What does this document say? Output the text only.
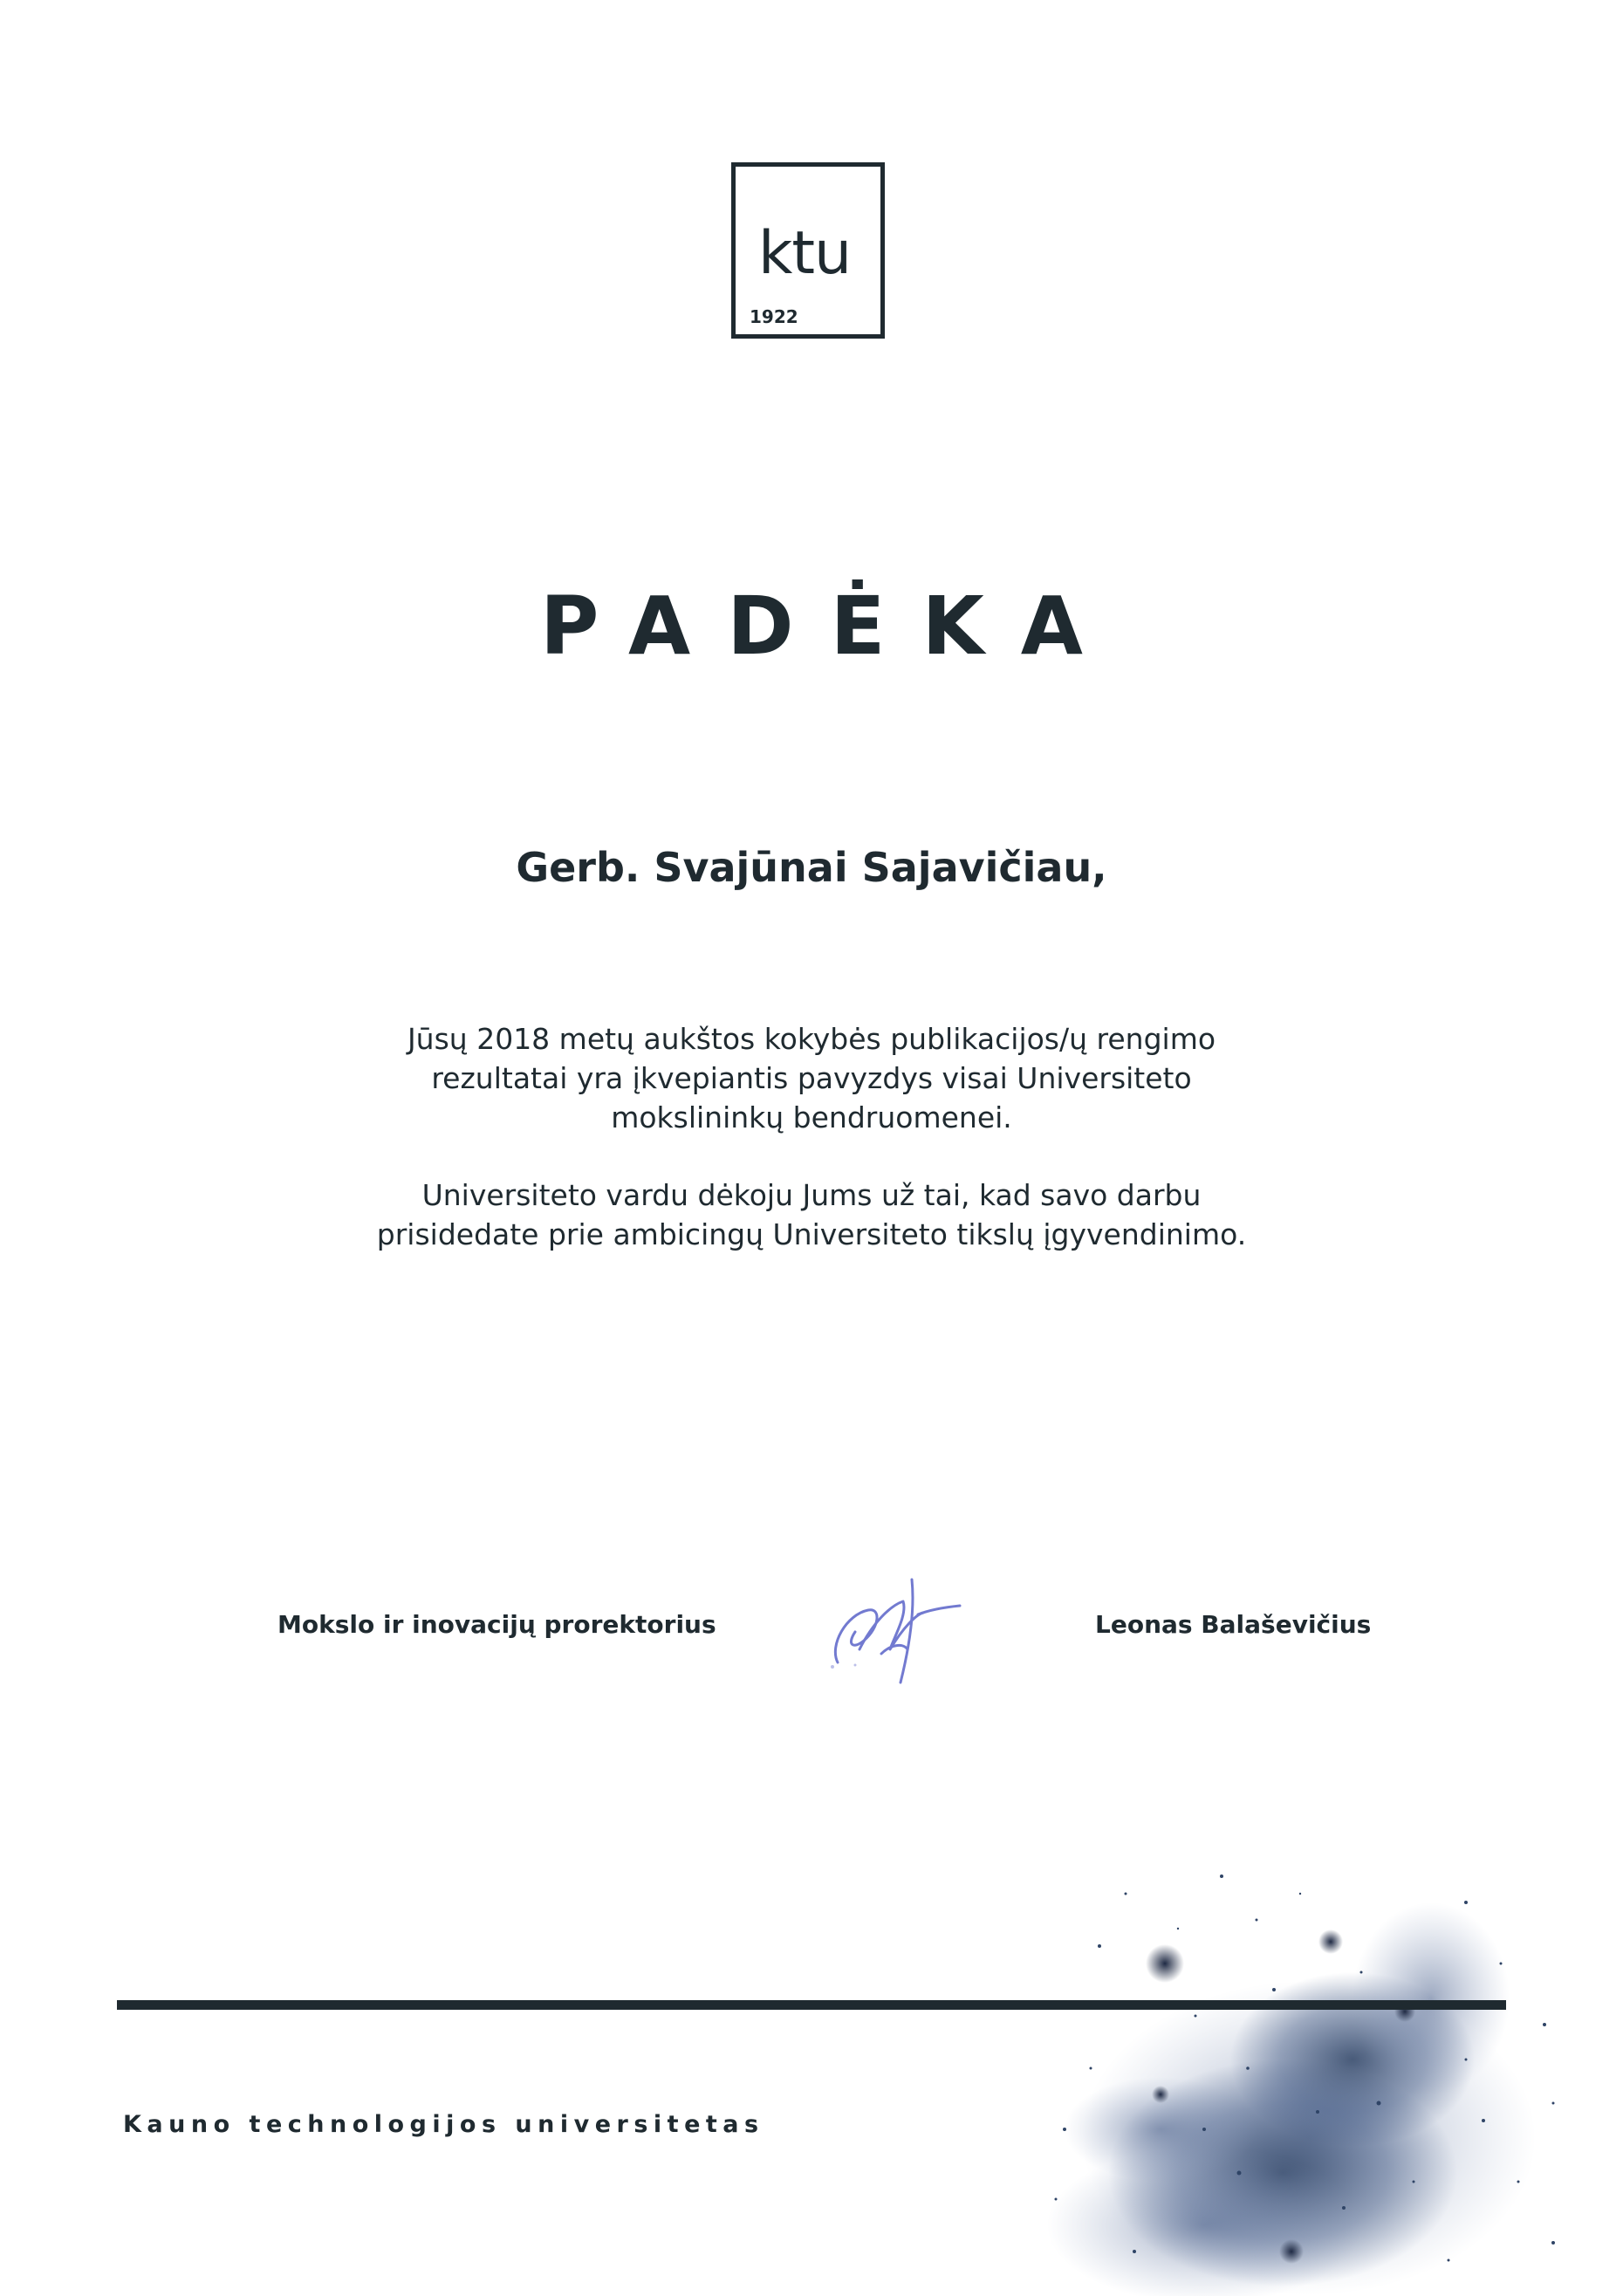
ktu
1922
PADĖKA
Gerb. Svajūnai Sajavičiau,
Jūsų 2018 metų aukštos kokybės publikacijos/ų rengimo
rezultatai yra įkvepiantis pavyzdys visai Universiteto
mokslininkų bendruomenei.
Universiteto vardu dėkoju Jums už tai, kad savo darbu
prisidedate prie ambicingų Universiteto tikslų įgyvendinimo.
Mokslo ir inovacijų prorektorius	Leonas Balaševičius
Kauno technologijos universitetas
